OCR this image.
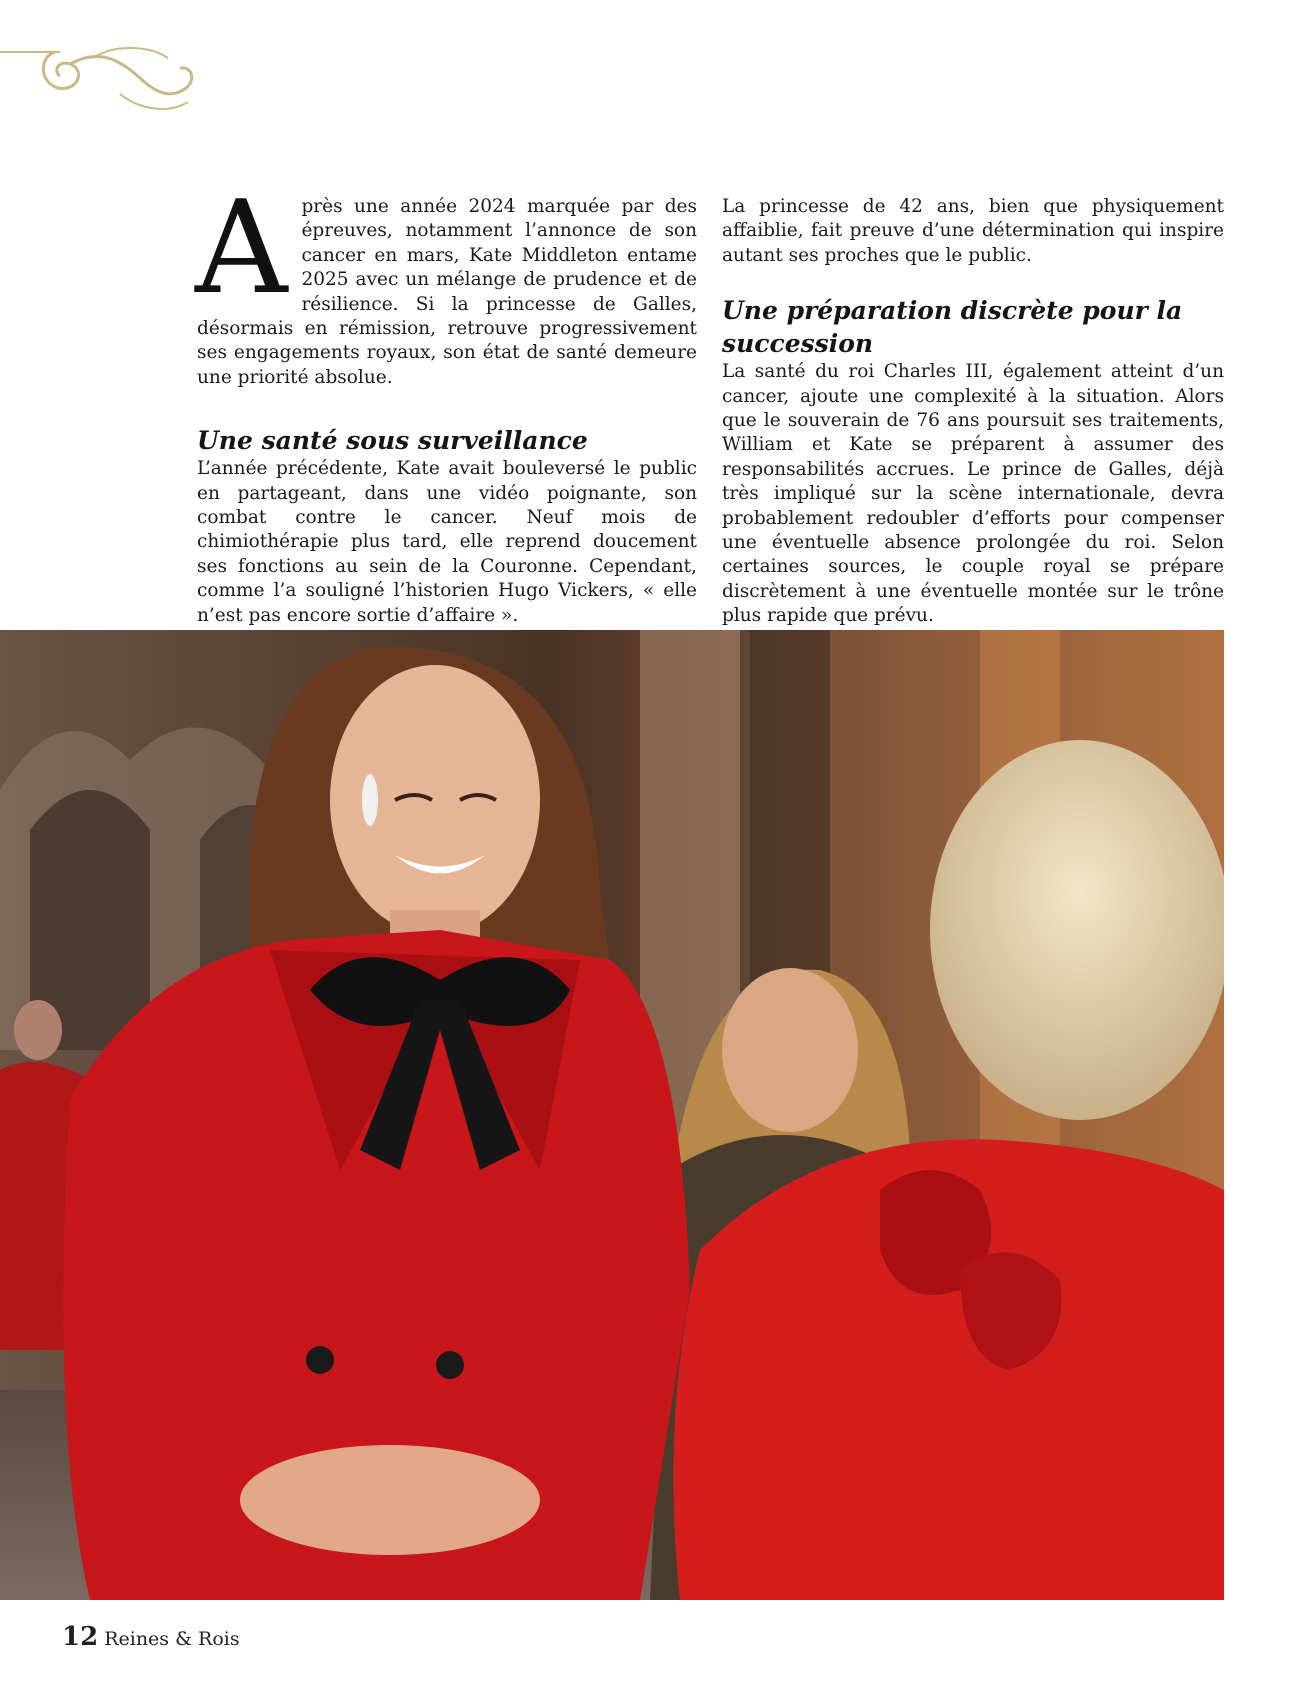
Après une année 2024 marquée par des épreuves, notamment l’annonce de son cancer en mars, Kate Middleton entame 2025 avec un mélange de prudence et de résilience. Si la princesse de Galles, désormais en rémission, retrouve progressivement ses engagements royaux, son état de santé demeure une priorité absolue.

Une santé sous surveillance

L’année précédente, Kate avait bouleversé le public en partageant, dans une vidéo poignante, son combat contre le cancer. Neuf mois de chimiothérapie plus tard, elle reprend doucement ses fonctions au sein de la Couronne. Cependant, comme l’a souligné l’historien Hugo Vickers, « elle n’est pas encore sortie d’affaire ».

La princesse de 42 ans, bien que physiquement affaiblie, fait preuve d’une détermination qui inspire autant ses proches que le public.

Une préparation discrète pour la succession

La santé du roi Charles III, également atteint d’un cancer, ajoute une complexité à la situation. Alors que le souverain de 76 ans poursuit ses traitements, William et Kate se préparent à assumer des responsabilités accrues. Le prince de Galles, déjà très impliqué sur la scène internationale, devra probablement redoubler d’efforts pour compenser une éventuelle absence prolongée du roi. Selon certaines sources, le couple royal se prépare discrètement à une éventuelle montée sur le trône plus rapide que prévu.

12 Reines & Rois
